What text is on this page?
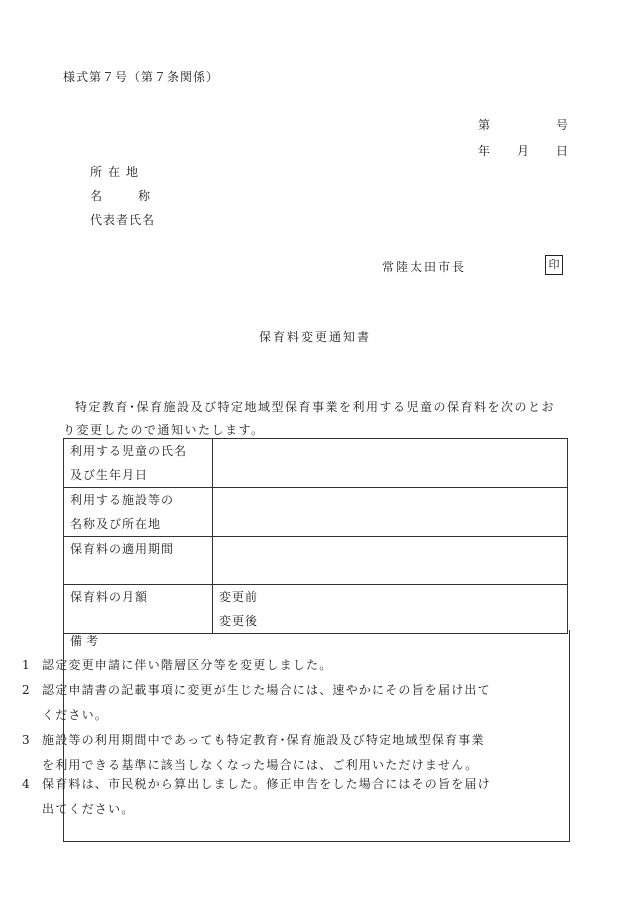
様式第７号（第７条関係）
第	号
年 月 日
所在地
名	称
代表者氏名
常陸太田市長	印
保育料変更通知書
特定教育･保育施設及び特定地域型保育事業を利用する児童の保育料を次のとおり変更したので通知いたします。
利用する児童の氏名
及び生年月日	

利用する施設等の
名称及び所在地	

保育料の適用期間	

保育料の月額	変更前
変更後
備考
1 認定変更申請に伴い階層区分等を変更しました。
2 認定申請書の記載事項に変更が生じた場合には、速やかにその旨を届け出てください。
3 施設等の利用期間中であっても特定教育･保育施設及び特定地域型保育事業を利用できる基準に該当しなくなった場合には、ご利用いただけません。
4 保育料は、市民税から算出しました。修正申告をした場合にはその旨を届け出てください。
